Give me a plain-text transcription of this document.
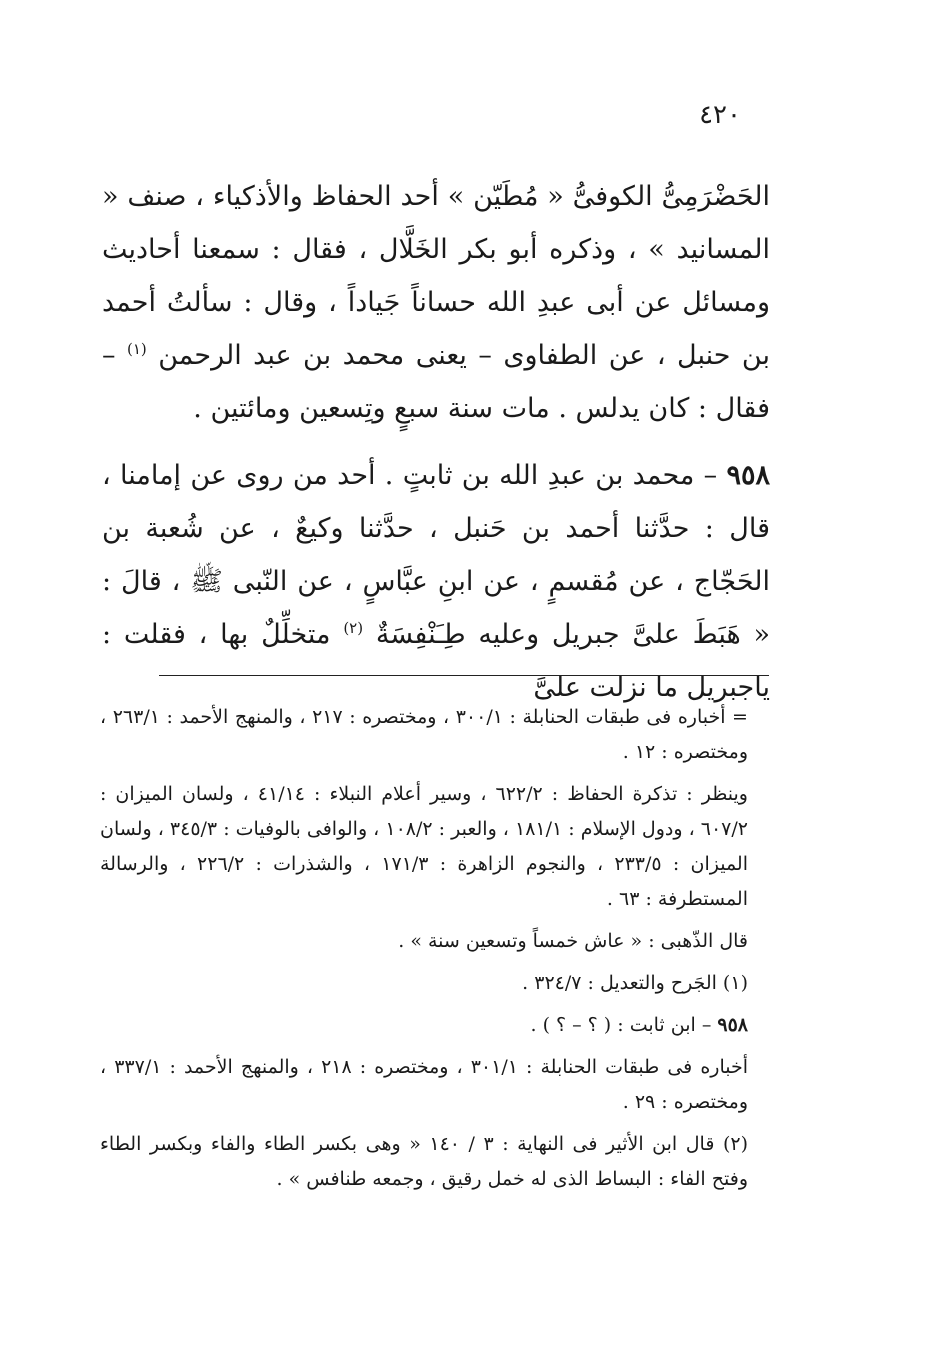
٤٢٠

الحَضْرَمِىُّ الكوفىُّ « مُطَيّن » أحد الحفاظ والأذكياء ، صنف « المسانيد » ، وذكره أبو بكر الخَلَّال ، فقال : سمعنا أحاديث ومسائل عن أبى عبدِ الله حساناً جَياداً ، وقال : سألتُ أحمد بن حنبل ، عن الطفاوى – يعنى محمد بن عبد الرحمن $^{(١)}$ – فقال : كان يدلس . مات سنة سبعٍ وتِسعين ومائتين .

٩٥٨ – محمد بن عبدِ الله بن ثابتٍ . أحد من روى عن إمامنا ، قال : حدَّثنا أحمد بن حَنبل ، حدَّثنا وكيعٌ ، عن شُعبة بن الحَجّاج ، عن مُقسمٍ ، عن ابنِ عبَّاسٍ ، عن النّبى ﷺ ، قالَ : « هَبَطَ علىَّ جبريل وعليه طِـَنْفِسَةٌ $^{(٢)}$ متخلِّلٌ بها ، فقلت : ياجبريل ما نزلت علىَّ

= أخباره فى طبقات الحنابلة : ٣٠٠/١ ، ومختصره : ٢١٧ ، والمنهج الأحمد : ٢٦٣/١ ، ومختصره : ١٢ .

وينظر : تذكرة الحفاظ : ٦٢٢/٢ ، وسير أعلام النبلاء : ٤١/١٤ ، ولسان الميزان : ٦٠٧/٢ ، ودول الإسلام : ١٨١/١ ، والعبر : ١٠٨/٢ ، والوافى بالوفيات : ٣٤٥/٣ ، ولسان الميزان : ٢٣٣/٥ ، والنجوم الزاهرة : ١٧١/٣ ، والشذرات : ٢٢٦/٢ ، والرسالة المستطرفة : ٦٣ .

قال الذّهبى : « عاش خمساً وتسعين سنة » .

(١) الجَرح والتعديل : ٣٢٤/٧ .

٩٥٨ – ابن ثابت : ( ؟ – ؟ ) .

أخباره فى طبقات الحنابلة : ٣٠١/١ ، ومختصره : ٢١٨ ، والمنهج الأحمد : ٣٣٧/١ ، ومختصره : ٢٩ .

(٢) قال ابن الأثير فى النهاية : ٣ / ١٤٠ « وهى بكسر الطاء والفاء وبكسر الطاء وفتح الفاء : البساط الذى له خمل رقيق ، وجمعه طنافس » .
